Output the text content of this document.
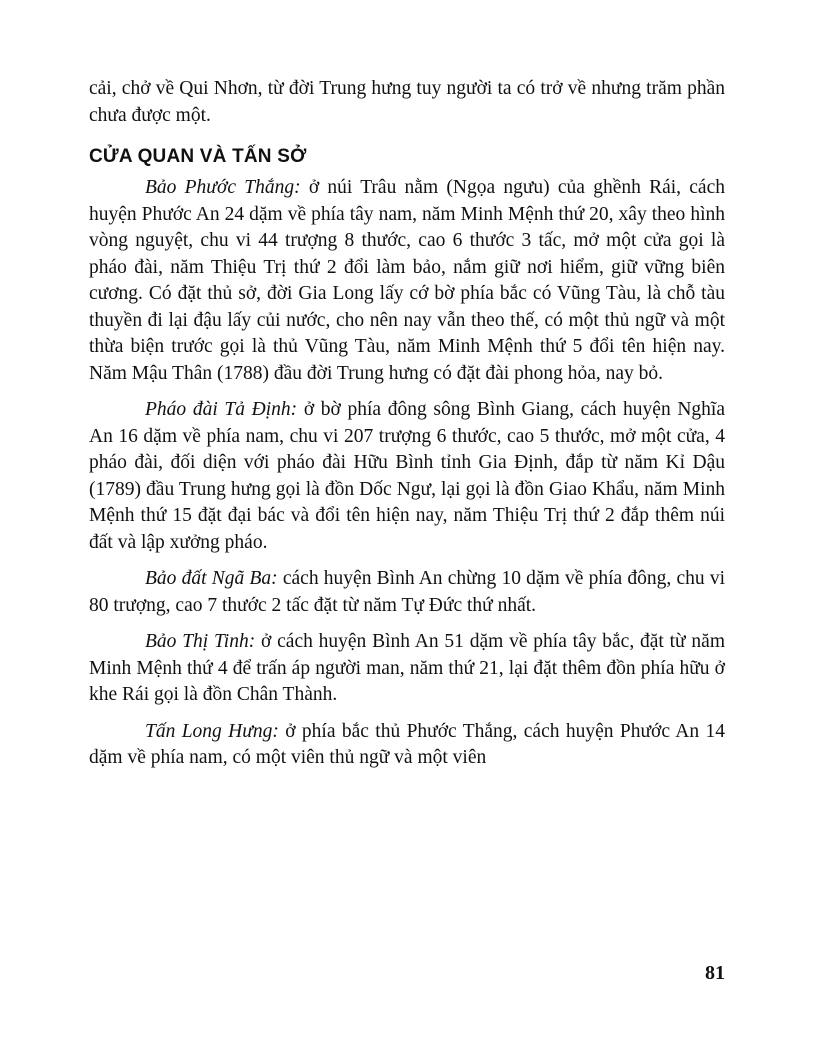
cải, chở về Qui Nhơn, từ đời Trung hưng tuy người ta có trở về nhưng trăm phần chưa được một.

CỬA QUAN VÀ TẤN SỞ

Bảo Phước Thắng: ở núi Trâu nằm (Ngọa ngưu) của ghềnh Rái, cách huyện Phước An 24 dặm về phía tây nam, năm Minh Mệnh thứ 20, xây theo hình vòng nguyệt, chu vi 44 trượng 8 thước, cao 6 thước 3 tấc, mở một cửa gọi là pháo đài, năm Thiệu Trị thứ 2 đổi làm bảo, nắm giữ nơi hiểm, giữ vững biên cương. Có đặt thủ sở, đời Gia Long lấy cớ bờ phía bắc có Vũng Tàu, là chỗ tàu thuyền đi lại đậu lấy củi nước, cho nên nay vẫn theo thế, có một thủ ngữ và một thừa biện trước gọi là thủ Vũng Tàu, năm Minh Mệnh thứ 5 đổi tên hiện nay. Năm Mậu Thân (1788) đầu đời Trung hưng có đặt đài phong hỏa, nay bỏ.

Pháo đài Tả Định: ở bờ phía đông sông Bình Giang, cách huyện Nghĩa An 16 dặm về phía nam, chu vi 207 trượng 6 thước, cao 5 thước, mở một cửa, 4 pháo đài, đối diện với pháo đài Hữu Bình tỉnh Gia Định, đắp từ năm Kỉ Dậu (1789) đầu Trung hưng gọi là đồn Dốc Ngư, lại gọi là đồn Giao Khẩu, năm Minh Mệnh thứ 15 đặt đại bác và đổi tên hiện nay, năm Thiệu Trị thứ 2 đắp thêm núi đất và lập xưởng pháo.

Bảo đất Ngã Ba: cách huyện Bình An chừng 10 dặm về phía đông, chu vi 80 trượng, cao 7 thước 2 tấc đặt từ năm Tự Đức thứ nhất.

Bảo Thị Tinh: ở cách huyện Bình An 51 dặm về phía tây bắc, đặt từ năm Minh Mệnh thứ 4 để trấn áp người man, năm thứ 21, lại đặt thêm đồn phía hữu ở khe Rái gọi là đồn Chân Thành.

Tấn Long Hưng: ở phía bắc thủ Phước Thắng, cách huyện Phước An 14 dặm về phía nam, có một viên thủ ngữ và một viên

81
